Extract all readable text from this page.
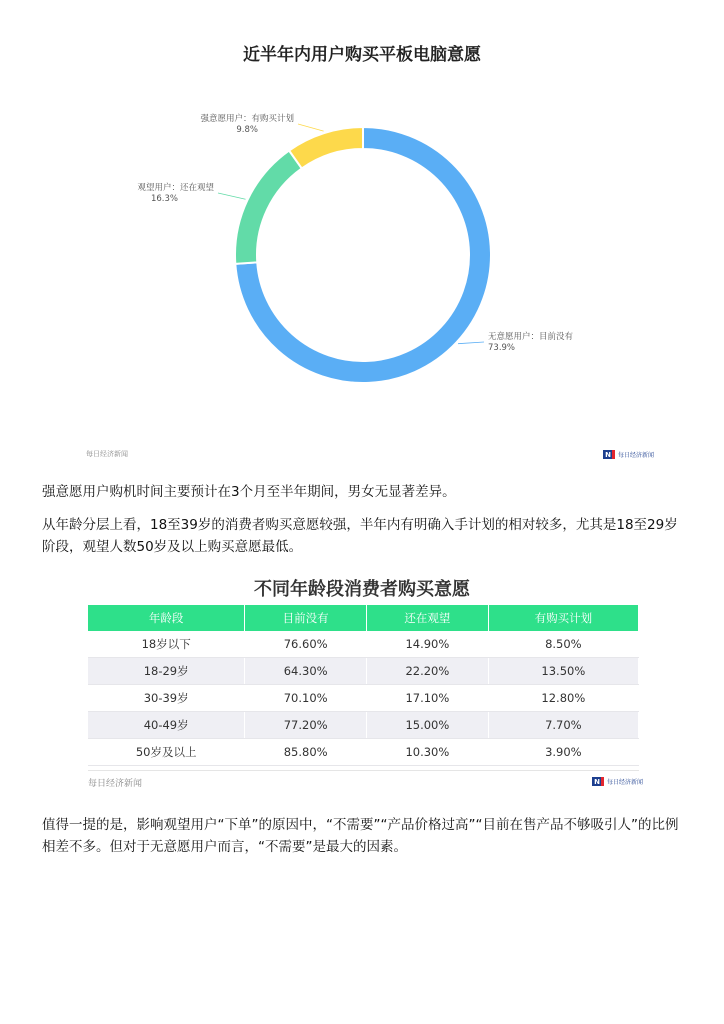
近半年内用户购买平板电脑意愿
无意愿用户：目前没有
73.9%
观望用户：还在观望
16.3%
强意愿用户：有购买计划
9.8%
每日经济新闻	N	每日经济新闻
强意愿用户购机时间主要预计在3个月至半年期间，男女无显著差异。
从年龄分层上看，18至39岁的消费者购买意愿较强，半年内有明确入手计划的相对较多，尤其是18至29岁阶段，观望人数50岁及以上购买意愿最低。
不同年龄段消费者购买意愿
年龄段	目前没有	还在观望	有购买计划
18岁以下	76.60%	14.90%	8.50%
18-29岁	64.30%	22.20%	13.50%
30-39岁	70.10%	17.10%	12.80%
40-49岁	77.20%	15.00%	7.70%
50岁及以上	85.80%	10.30%	3.90%
每日经济新闻	N	每日经济新闻
值得一提的是，影响观望用户“下单”的原因中，“不需要”“产品价格过高”“目前在售产品不够吸引人”的比例相差不多。但对于无意愿用户而言，“不需要”是最大的因素。
